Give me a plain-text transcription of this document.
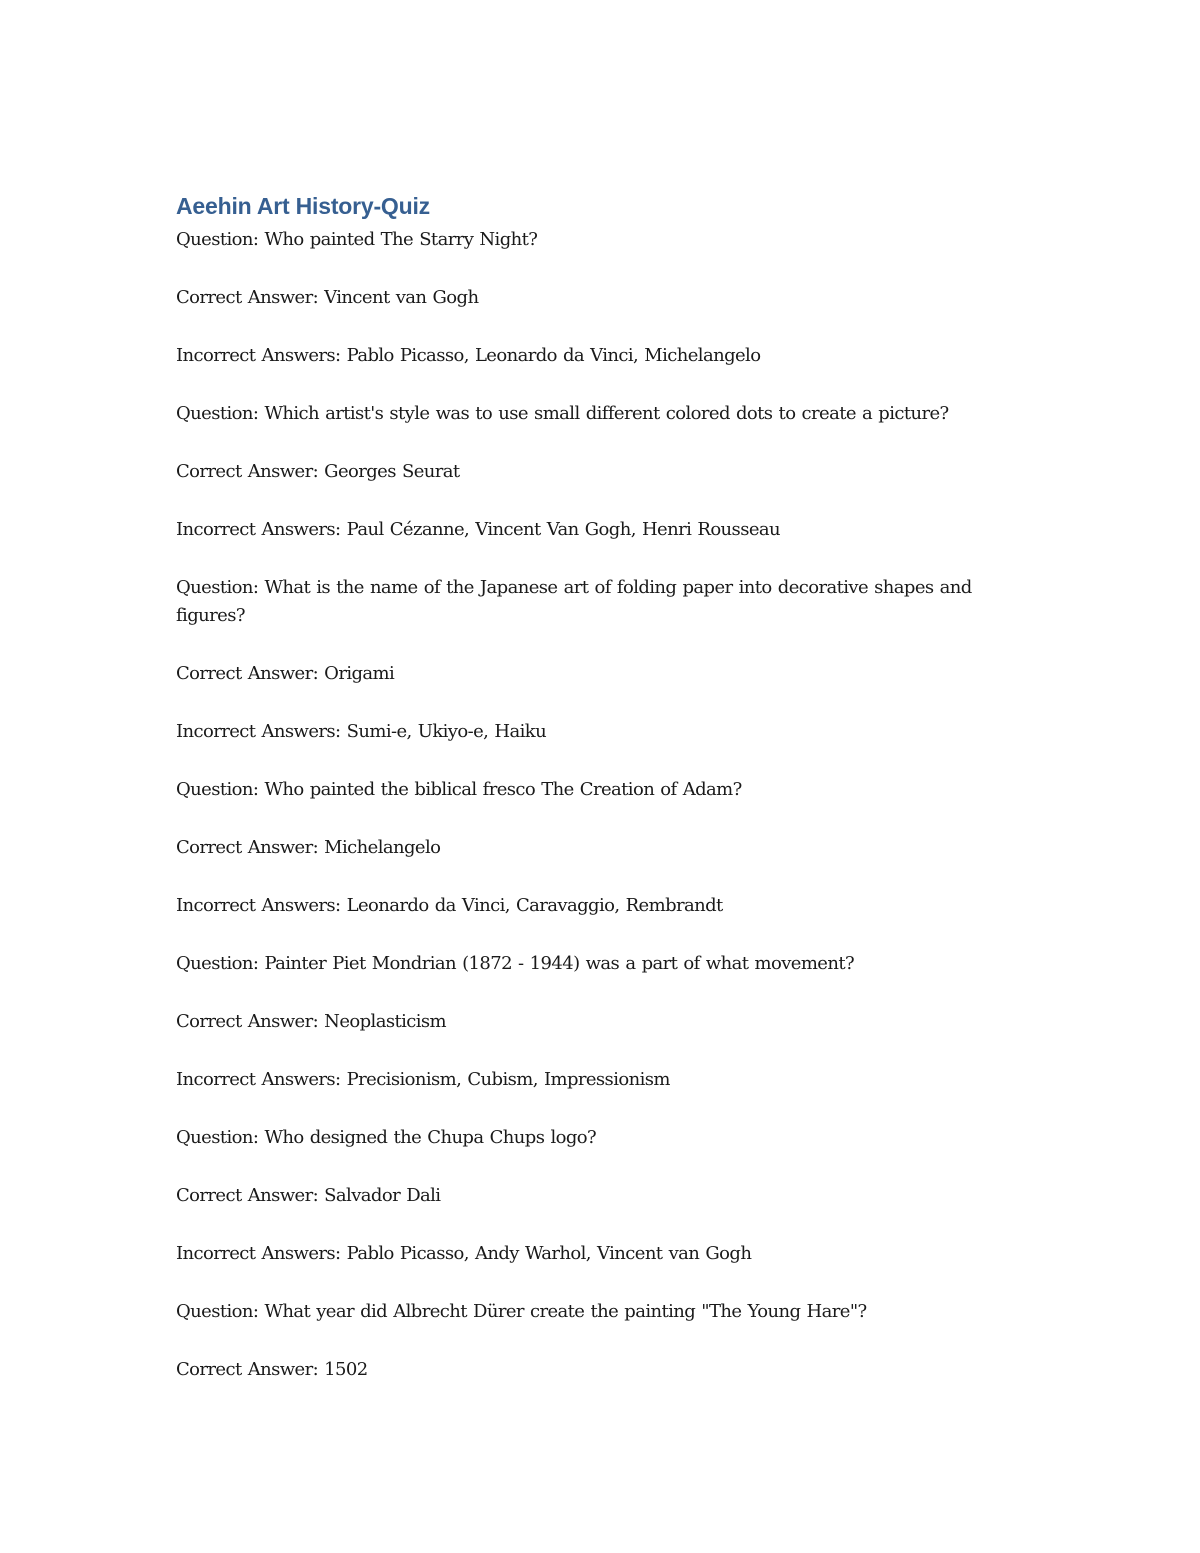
Aeehin Art History-Quiz

Question: Who painted The Starry Night?

Correct Answer: Vincent van Gogh

Incorrect Answers: Pablo Picasso, Leonardo da Vinci, Michelangelo

Question: Which artist's style was to use small different colored dots to create a picture?

Correct Answer: Georges Seurat

Incorrect Answers: Paul Cézanne, Vincent Van Gogh, Henri Rousseau

Question: What is the name of the Japanese art of folding paper into decorative shapes and figures?

Correct Answer: Origami

Incorrect Answers: Sumi-e, Ukiyo-e, Haiku

Question: Who painted the biblical fresco The Creation of Adam?

Correct Answer: Michelangelo

Incorrect Answers: Leonardo da Vinci, Caravaggio, Rembrandt

Question: Painter Piet Mondrian (1872 - 1944) was a part of what movement?

Correct Answer: Neoplasticism

Incorrect Answers: Precisionism, Cubism, Impressionism

Question: Who designed the Chupa Chups logo?

Correct Answer: Salvador Dali

Incorrect Answers: Pablo Picasso, Andy Warhol, Vincent van Gogh

Question: What year did Albrecht Dürer create the painting "The Young Hare"?

Correct Answer: 1502
